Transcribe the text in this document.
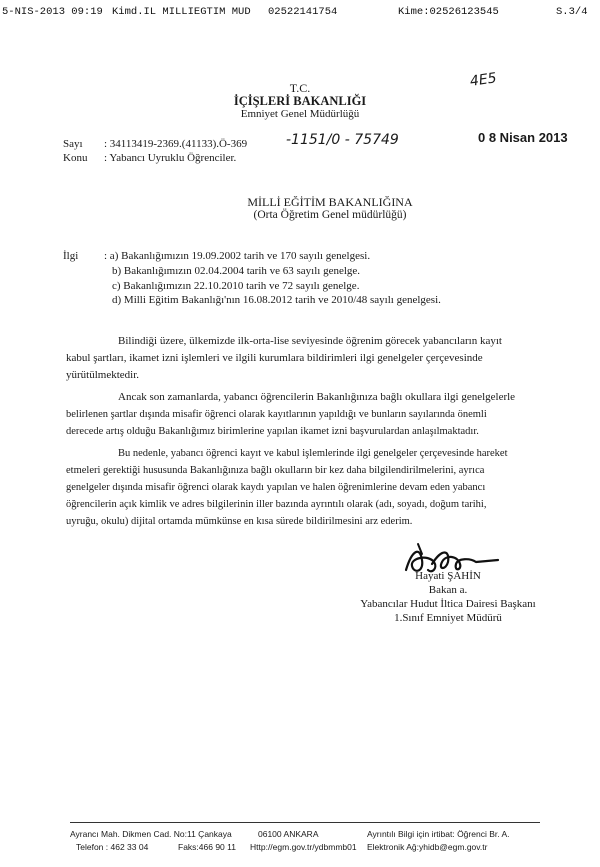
5-NIS-2013 09:19 Kimd.IL MILLIEGTIM MUD 02522141754	Kime:02526123545	S.3/4
4E5
T.C.
İÇİŞLERİ BAKANLIĞI
Emniyet Genel Müdürlüğü
Sayı : 34113419-2369.(41133).Ö-369	-1151/0 - 75749	0 8 Nisan 2013
Konu : Yabancı Uyruklu Öğrenciler.
MİLLİ EĞİTİM BAKANLIĞINA
(Orta Öğretim Genel müdürlüğü)
İlgi : a) Bakanlığımızın 19.09.2002 tarih ve 170 sayılı genelgesi.
b) Bakanlığımızın 02.04.2004 tarih ve 63 sayılı genelge.
c) Bakanlığımızın 22.10.2010 tarih ve 72 sayılı genelge.
d) Milli Eğitim Bakanlığı'nın 16.08.2012 tarih ve 2010/48 sayılı genelgesi.
Bilindiği üzere, ülkemizde ilk-orta-lise seviyesinde öğrenim görecek yabancıların kayıt
kabul şartları, ikamet izni işlemleri ve ilgili kurumlara bildirimleri ilgi genelgeler çerçevesinde
yürütülmektedir.
Ancak son zamanlarda, yabancı öğrencilerin Bakanlığınıza bağlı okullara ilgi genelgelerle
belirlenen şartlar dışında misafir öğrenci olarak kayıtlarının yapıldığı ve bunların sayılarında önemli
derecede artış olduğu Bakanlığımız birimlerine yapılan ikamet izni başvurulardan anlaşılmaktadır.
Bu nedenle, yabancı öğrenci kayıt ve kabul işlemlerinde ilgi genelgeler çerçevesinde hareket
etmeleri gerektiği hususunda Bakanlığınıza bağlı okulların bir kez daha bilgilendirilmelerini, ayrıca
genelgeler dışında misafir öğrenci olarak kaydı yapılan ve halen öğrenimlerine devam eden yabancı
öğrencilerin açık kimlik ve adres bilgilerinin iller bazında ayrıntılı olarak (adı, soyadı, doğum tarihi,
uyruğu, okulu) dijital ortamda mümkünse en kısa sürede bildirilmesini arz ederim.
Hayati ŞAHİN
Bakan a.
Yabancılar Hudut İltica Dairesi Başkanı
1.Sınıf Emniyet Müdürü
Ayrancı Mah. Dikmen Cad. No:11 Çankaya	06100 ANKARA	Ayrıntılı Bilgi için irtibat: Öğrenci Br. A.
Telefon : 462 33 04	Faks:466 90 11 Http://egm.gov.tr/ydbmmb01 Elektronik Ağ:yhidb@egm.gov.tr
